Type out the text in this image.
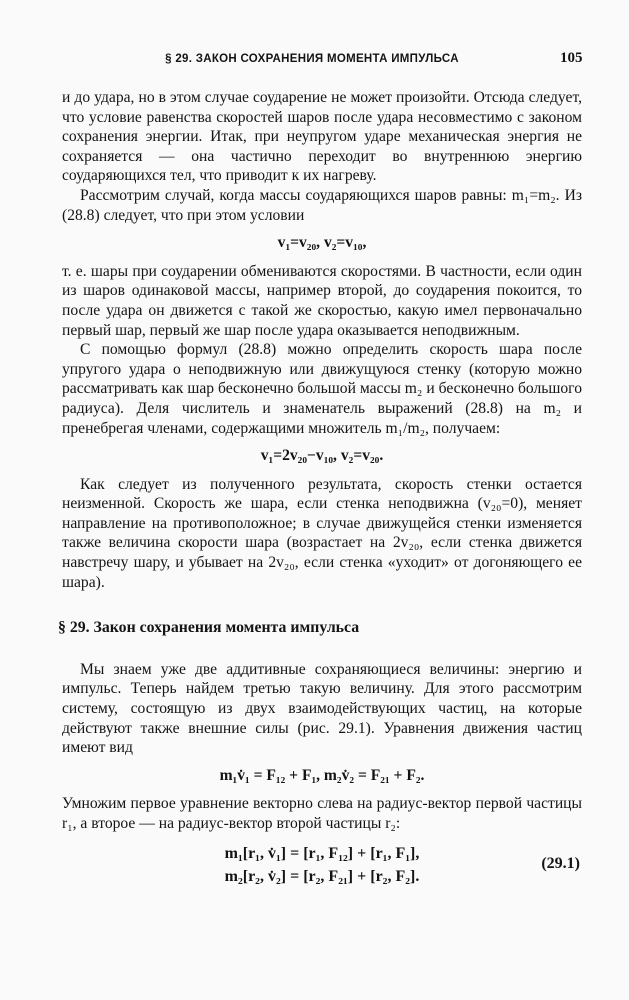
§ 29. ЗАКОН СОХРАНЕНИЯ МОМЕНТА ИМПУЛЬСА	105

и до удара, но в этом случае соударение не может произойти. Отсюда следует, что условие равенства скоростей шаров после удара несовместимо с законом сохранения энергии. Итак, при неупругом ударе механическая энергия не сохраняется — она частично переходит во внутреннюю энергию соударяющихся тел, что приводит к их нагреву.

Рассмотрим случай, когда массы соударяющихся шаров равны: m₁=m₂. Из (28.8) следует, что при этом условии

v₁=v₂₀, v₂=v₁₀,

т. е. шары при соударении обмениваются скоростями. В частности, если один из шаров одинаковой массы, например второй, до соударения покоится, то после удара он движется с такой же скоростью, какую имел первоначально первый шар, первый же шар после удара оказывается неподвижным.

С помощью формул (28.8) можно определить скорость шара после упругого удара о неподвижную или движущуюся стенку (которую можно рассматривать как шар бесконечно большой массы m₂ и бесконечно большого радиуса). Деля числитель и знаменатель выражений (28.8) на m₂ и пренебрегая членами, содержащими множитель m₁/m₂, получаем:

v₁=2v₂₀−v₁₀, v₂=v₂₀.

Как следует из полученного результата, скорость стенки остается неизменной. Скорость же шара, если стенка неподвижна (v₂₀=0), меняет направление на противоположное; в случае движущейся стенки изменяется также величина скорости шара (возрастает на 2v₂₀, если стенка движется навстречу шару, и убывает на 2v₂₀, если стенка «уходит» от догоняющего ее шара).

§ 29. Закон сохранения момента импульса

Мы знаем уже две аддитивные сохраняющиеся величины: энергию и импульс. Теперь найдем третью такую величину. Для этого рассмотрим систему, состоящую из двух взаимодействующих частиц, на которые действуют также внешние силы (рис. 29.1). Уравнения движения частиц имеют вид

m₁v̇₁ = F₁₂ + F₁, m₂v̇₂ = F₂₁ + F₂.

Умножим первое уравнение векторно слева на радиус-вектор первой частицы r₁, а второе — на радиус-вектор второй частицы r₂:

m₁[r₁, v̇₁] = [r₁, F₁₂] + [r₁, F₁],
m₂[r₂, v̇₂] = [r₂, F₂₁] + [r₂, F₂].
(29.1)
